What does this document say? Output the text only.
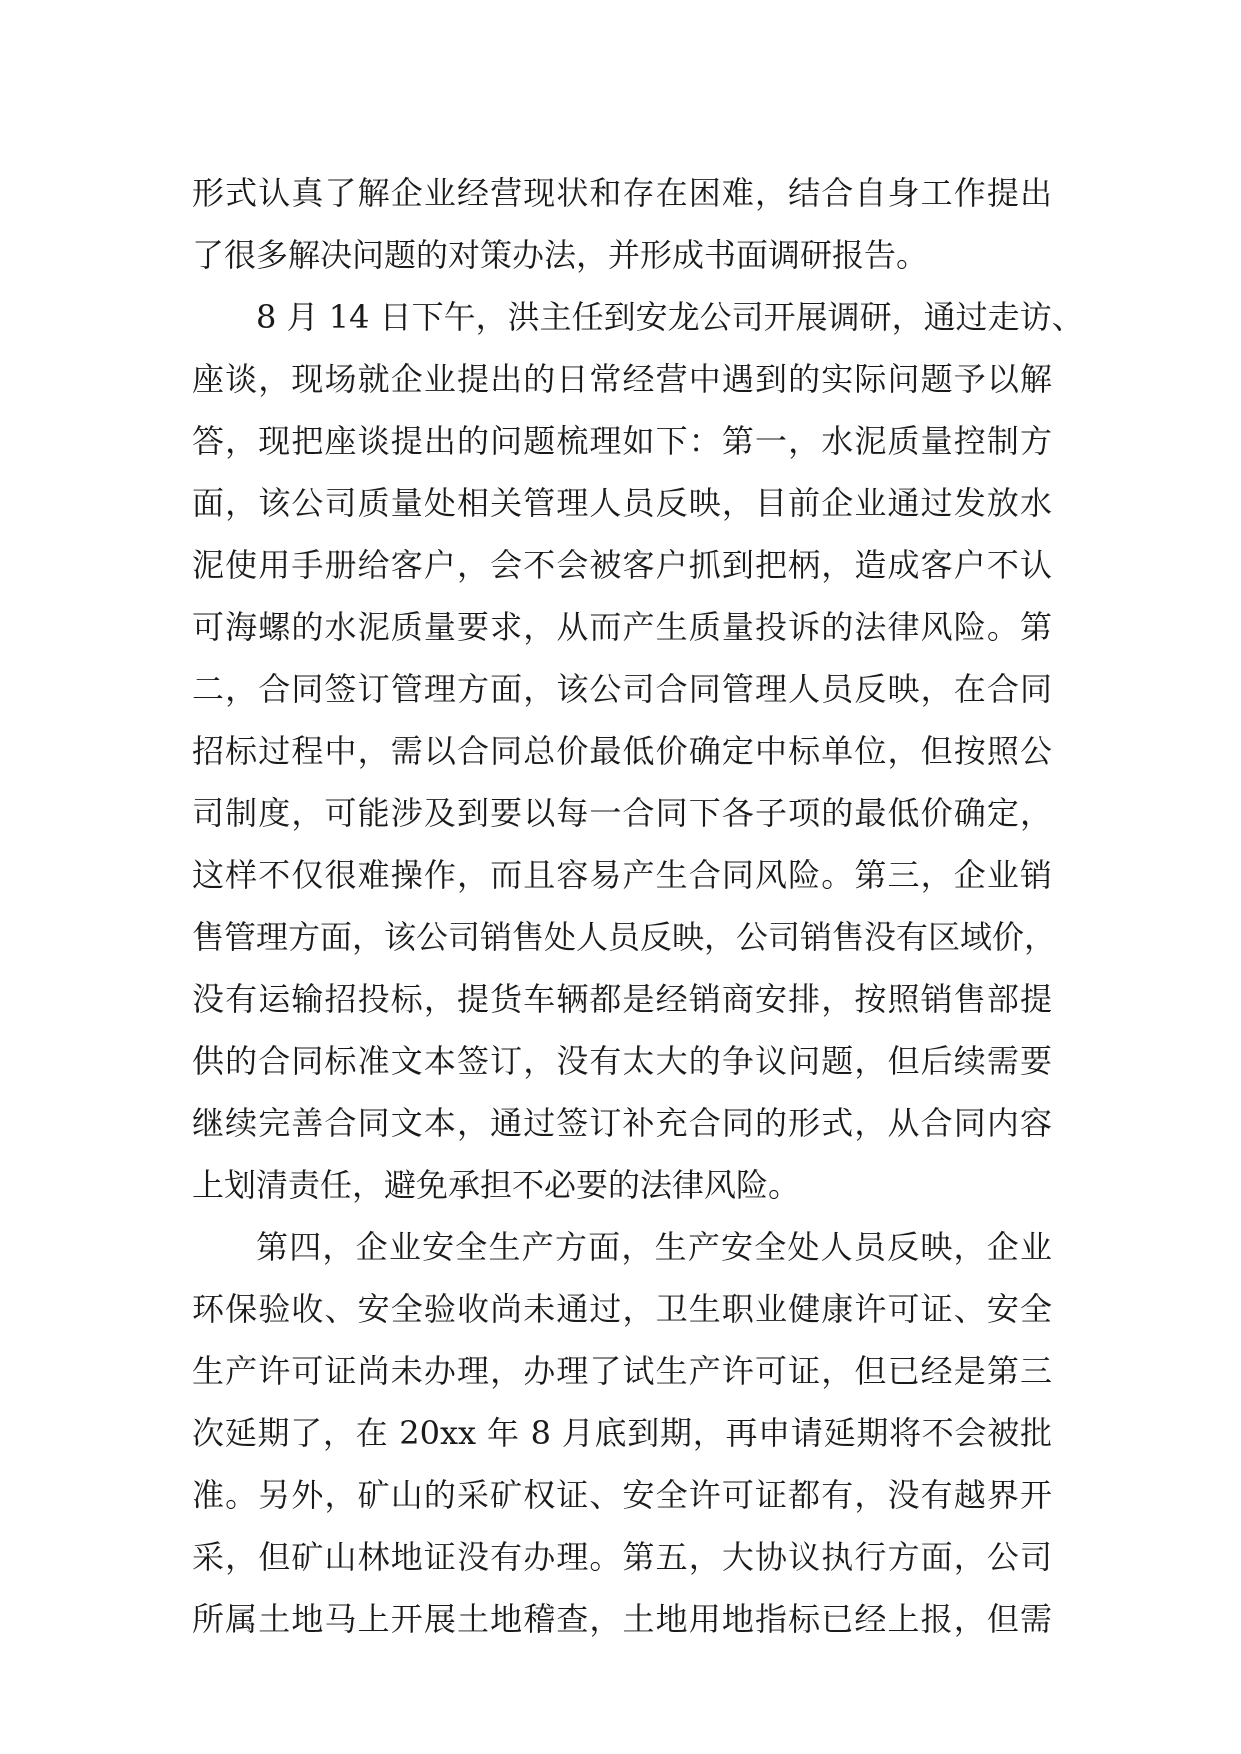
形式认真了解企业经营现状和存在困难，结合自身工作提出
了很多解决问题的对策办法，并形成书面调研报告。
8 月 14 日下午，洪主任到安龙公司开展调研，通过走访、
座谈，现场就企业提出的日常经营中遇到的实际问题予以解
答，现把座谈提出的问题梳理如下：第一，水泥质量控制方
面，该公司质量处相关管理人员反映，目前企业通过发放水
泥使用手册给客户，会不会被客户抓到把柄，造成客户不认
可海螺的水泥质量要求，从而产生质量投诉的法律风险。第
二，合同签订管理方面，该公司合同管理人员反映，在合同
招标过程中，需以合同总价最低价确定中标单位，但按照公
司制度，可能涉及到要以每一合同下各子项的最低价确定，
这样不仅很难操作，而且容易产生合同风险。第三，企业销
售管理方面，该公司销售处人员反映，公司销售没有区域价，
没有运输招投标，提货车辆都是经销商安排，按照销售部提
供的合同标准文本签订，没有太大的争议问题，但后续需要
继续完善合同文本，通过签订补充合同的形式，从合同内容
上划清责任，避免承担不必要的法律风险。
第四，企业安全生产方面，生产安全处人员反映，企业
环保验收、安全验收尚未通过，卫生职业健康许可证、安全
生产许可证尚未办理，办理了试生产许可证，但已经是第三
次延期了，在 20xx 年 8 月底到期，再申请延期将不会被批
准。另外，矿山的采矿权证、安全许可证都有，没有越界开
采，但矿山林地证没有办理。第五，大协议执行方面，公司
所属土地马上开展土地稽查，土地用地指标已经上报，但需
